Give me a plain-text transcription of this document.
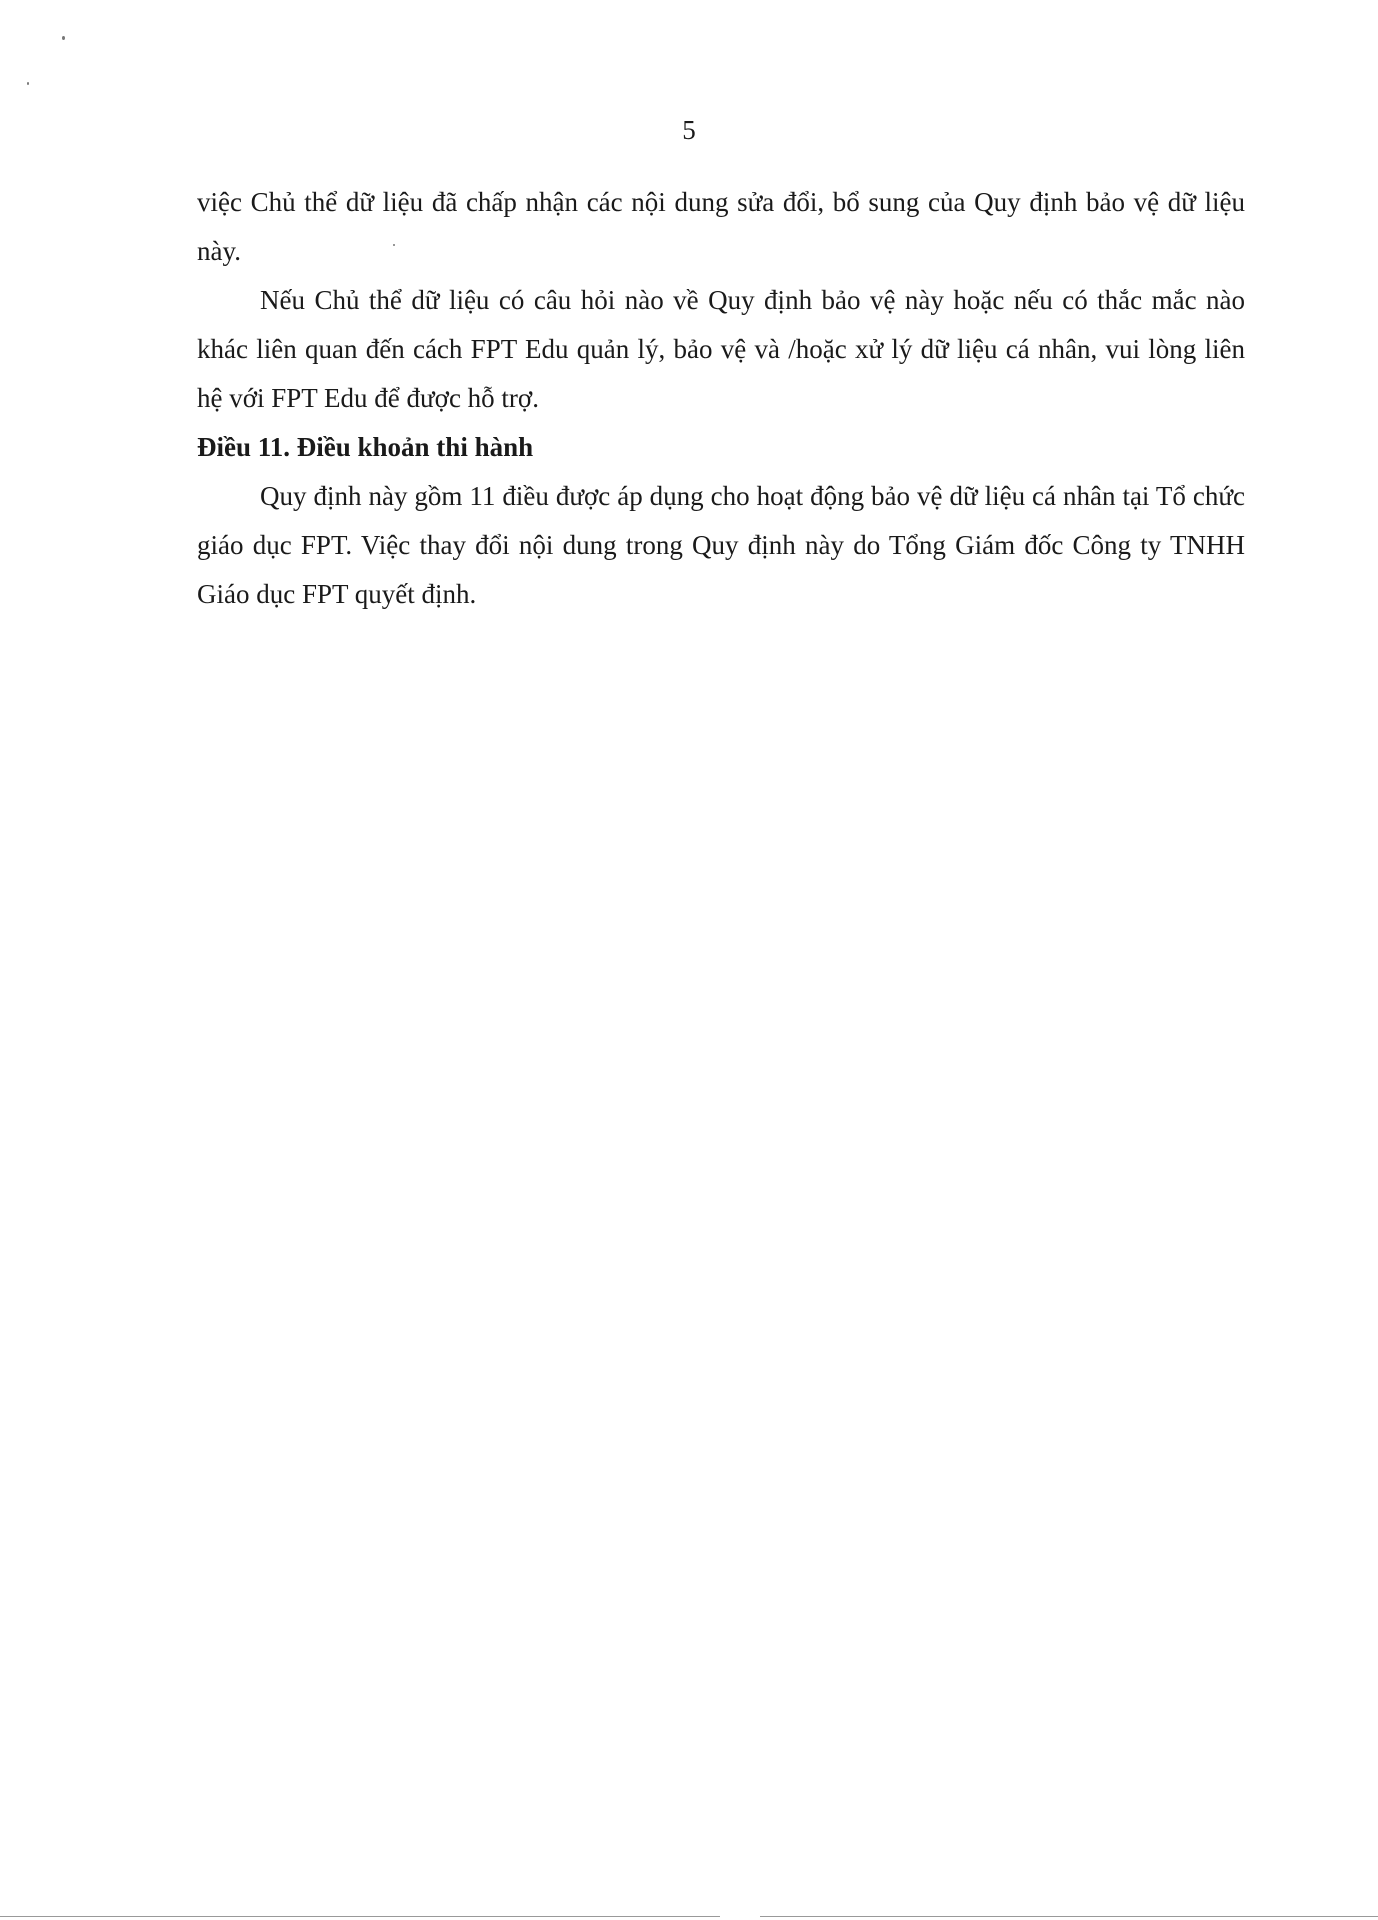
5

việc Chủ thể dữ liệu đã chấp nhận các nội dung sửa đổi, bổ sung của Quy định bảo vệ dữ liệu này.

Nếu Chủ thể dữ liệu có câu hỏi nào về Quy định bảo vệ này hoặc nếu có thắc mắc nào khác liên quan đến cách FPT Edu quản lý, bảo vệ và /hoặc xử lý dữ liệu cá nhân, vui lòng liên hệ với FPT Edu để được hỗ trợ.

Điều 11. Điều khoản thi hành

Quy định này gồm 11 điều được áp dụng cho hoạt động bảo vệ dữ liệu cá nhân tại Tổ chức giáo dục FPT. Việc thay đổi nội dung trong Quy định này do Tổng Giám đốc Công ty TNHH Giáo dục FPT quyết định.
